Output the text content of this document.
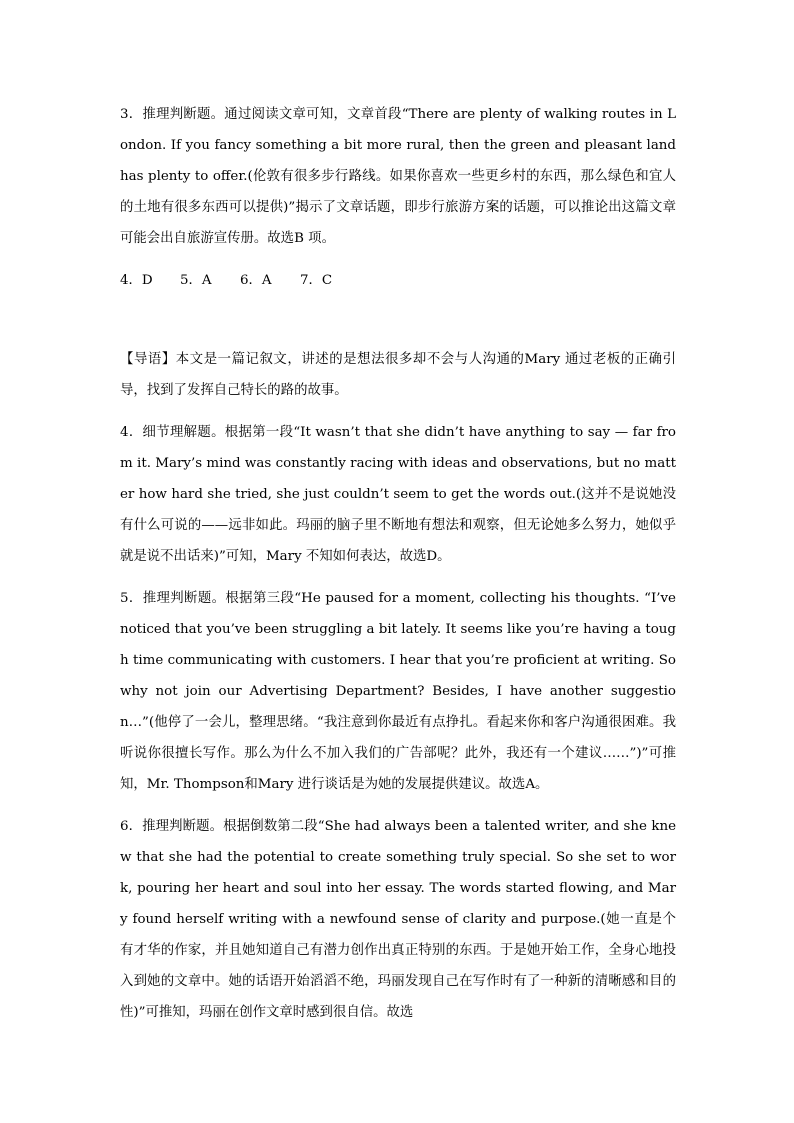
3．推理判断题。通过阅读文章可知，文章首段“There are plenty of walking routes in London. If you fancy something a bit more rural, then the green and pleasant land has plenty to offer.(伦敦有很多步行路线。如果你喜欢一些更乡村的东西，那么绿色和宜人的土地有很多东西可以提供)”揭示了文章话题，即步行旅游方案的话题，可以推论出这篇文章可能会出自旅游宣传册。故选B 项。

4．D	5．A	6．A	7．C

【导语】本文是一篇记叙文，讲述的是想法很多却不会与人沟通的Mary 通过老板的正确引导，找到了发挥自己特长的路的故事。

4．细节理解题。根据第一段“It wasn’t that she didn’t have anything to say — far from it. Mary’s mind was constantly racing with ideas and observations, but no matter how hard she tried, she just couldn’t seem to get the words out.(这并不是说她没有什么可说的——远非如此。玛丽的脑子里不断地有想法和观察，但无论她多么努力，她似乎就是说不出话来)”可知，Mary 不知如何表达，故选D。

5．推理判断题。根据第三段“He paused for a moment, collecting his thoughts. “I’ve noticed that you’ve been struggling a bit lately. It seems like you’re having a tough time communicating with customers. I hear that you’re proficient at writing. So why not join our Advertising Department? Besides, I have another suggestion…”(他停了一会儿，整理思绪。“我注意到你最近有点挣扎。看起来你和客户沟通很困难。我听说你很擅长写作。那么为什么不加入我们的广告部呢？此外，我还有一个建议……”)”可推知，Mr. Thompson和Mary 进行谈话是为她的发展提供建议。故选A。

6．推理判断题。根据倒数第二段“She had always been a talented writer, and she knew that she had the potential to create something truly special. So she set to work, pouring her heart and soul into her essay. The words started flowing, and Mary found herself writing with a newfound sense of clarity and purpose.(她一直是个有才华的作家，并且她知道自己有潜力创作出真正特别的东西。于是她开始工作，全身心地投入到她的文章中。她的话语开始滔滔不绝，玛丽发现自己在写作时有了一种新的清晰感和目的性)”可推知，玛丽在创作文章时感到很自信。故选
